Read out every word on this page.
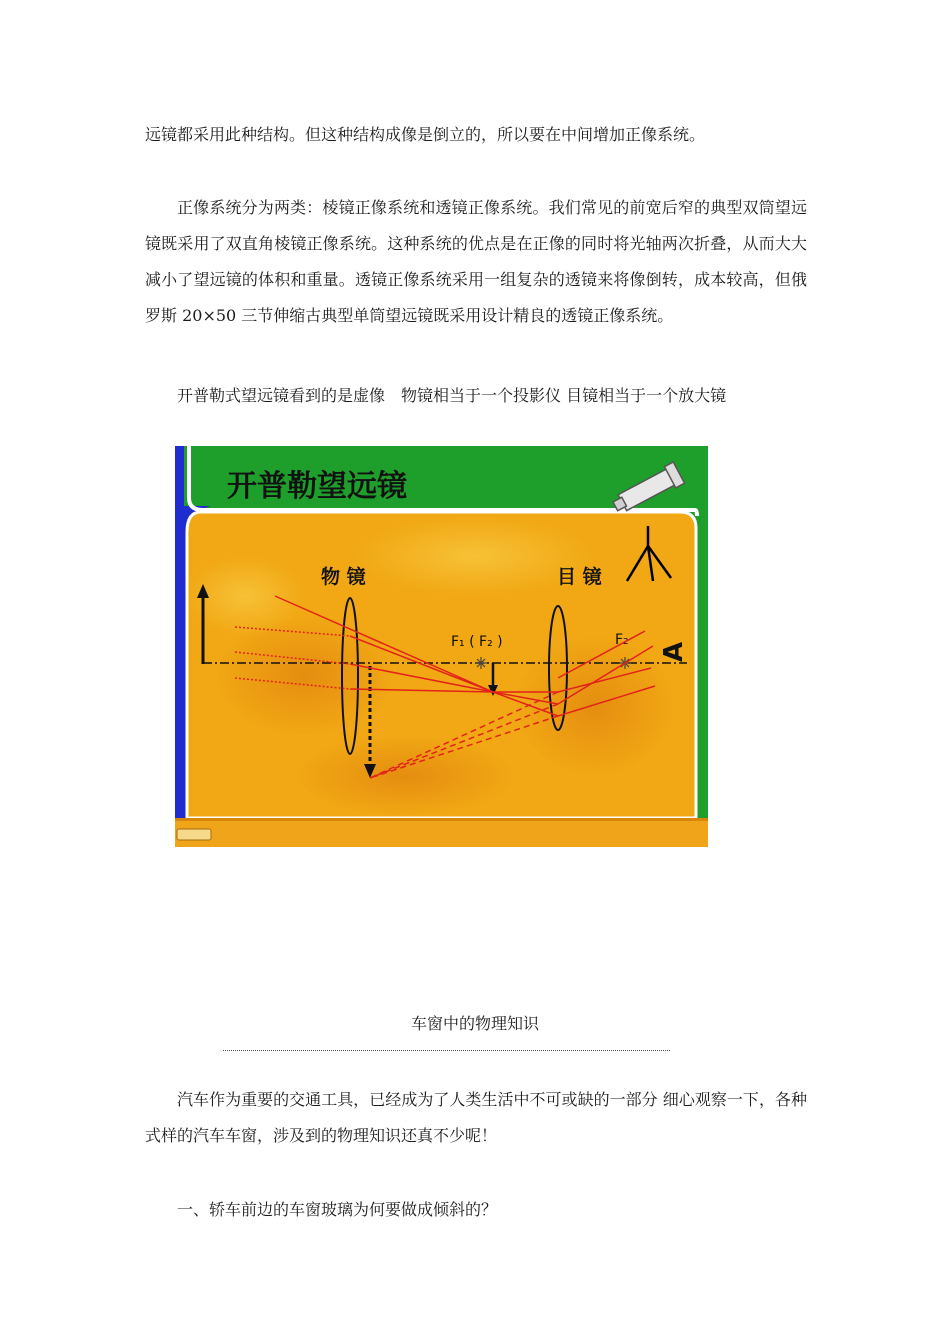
远镜都采用此种结构。但这种结构成像是倒立的，所以要在中间增加正像系统。

正像系统分为两类：棱镜正像系统和透镜正像系统。我们常见的前宽后窄的典型双筒望远镜既采用了双直角棱镜正像系统。这种系统的优点是在正像的同时将光轴两次折叠，从而大大减小了望远镜的体积和重量。透镜正像系统采用一组复杂的透镜来将像倒转，成本较高，但俄罗斯 20×50 三节伸缩古典型单筒望远镜既采用设计精良的透镜正像系统。

开普勒式望远镜看到的是虚像　物镜相当于一个投影仪 目镜相当于一个放大镜

开普勒望远镜
物 镜	目 镜
F₁ ( F₂ )	F₂
A
车窗中的物理知识

汽车作为重要的交通工具，已经成为了人类生活中不可或缺的一部分 细心观察一下，各种式样的汽车车窗，涉及到的物理知识还真不少呢！

一、轿车前边的车窗玻璃为何要做成倾斜的？
